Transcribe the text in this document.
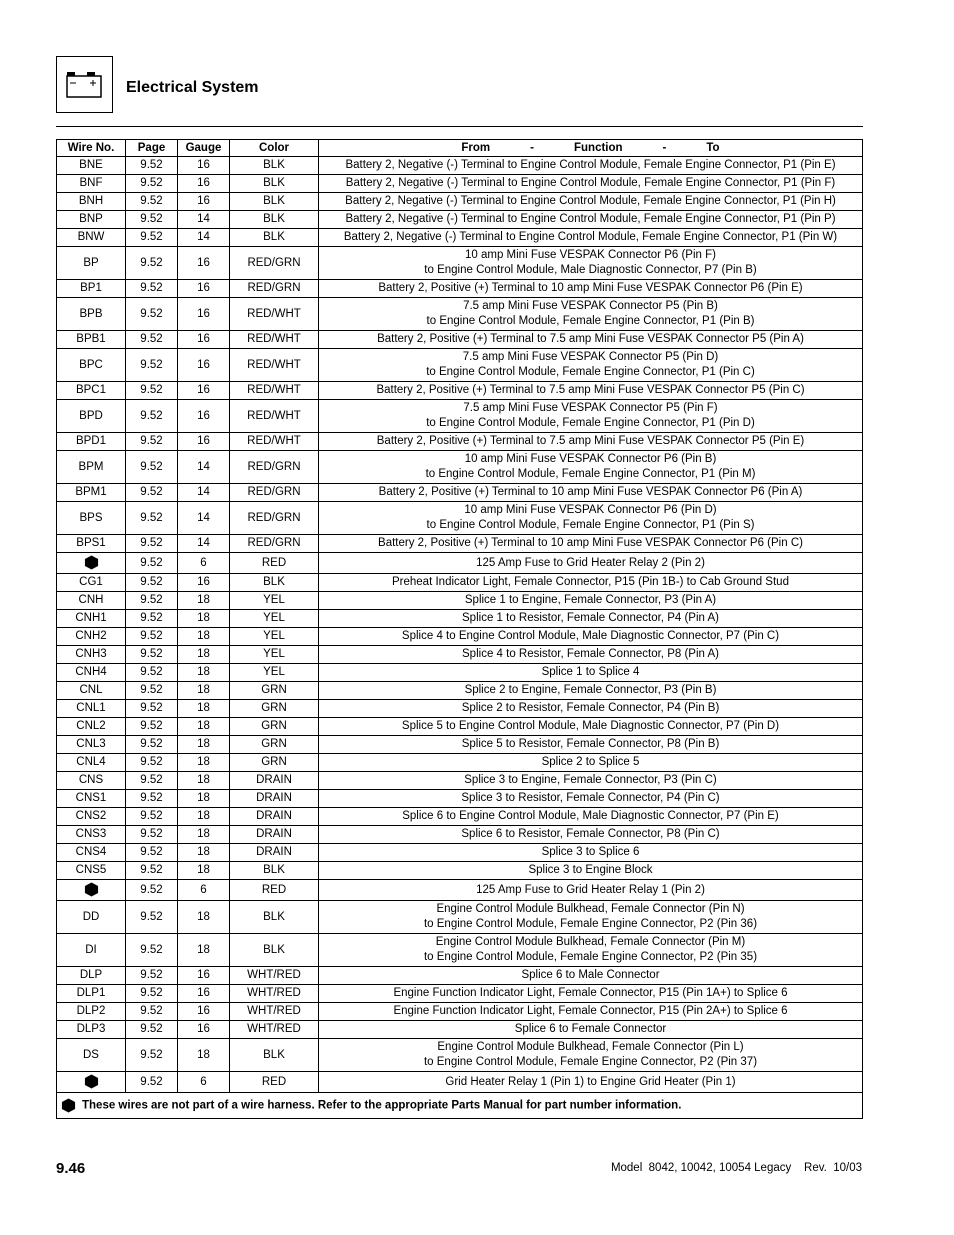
Electrical System
Wire No.	Page	Gauge	Color	From - Function - To

BNE	9.52	16	BLK	Battery 2, Negative (-) Terminal to Engine Control Module, Female Engine Connector, P1 (Pin E)

BNF	9.52	16	BLK	Battery 2, Negative (-) Terminal to Engine Control Module, Female Engine Connector, P1 (Pin F)

BNH	9.52	16	BLK	Battery 2, Negative (-) Terminal to Engine Control Module, Female Engine Connector, P1 (Pin H)

BNP	9.52	14	BLK	Battery 2, Negative (-) Terminal to Engine Control Module, Female Engine Connector, P1 (Pin P)

BNW	9.52	14	BLK	Battery 2, Negative (-) Terminal to Engine Control Module, Female Engine Connector, P1 (Pin W)

BP	9.52	16	RED/GRN	10 amp Mini Fuse VESPAK Connector P6 (Pin F)
to Engine Control Module, Male Diagnostic Connector, P7 (Pin B)

BP1	9.52	16	RED/GRN	Battery 2, Positive (+) Terminal to 10 amp Mini Fuse VESPAK Connector P6 (Pin E)

BPB	9.52	16	RED/WHT	7.5 amp Mini Fuse VESPAK Connector P5 (Pin B)
to Engine Control Module, Female Engine Connector, P1 (Pin B)

BPB1	9.52	16	RED/WHT	Battery 2, Positive (+) Terminal to 7.5 amp Mini Fuse VESPAK Connector P5 (Pin A)

BPC	9.52	16	RED/WHT	7.5 amp Mini Fuse VESPAK Connector P5 (Pin D)
to Engine Control Module, Female Engine Connector, P1 (Pin C)

BPC1	9.52	16	RED/WHT	Battery 2, Positive (+) Terminal to 7.5 amp Mini Fuse VESPAK Connector P5 (Pin C)

BPD	9.52	16	RED/WHT	7.5 amp Mini Fuse VESPAK Connector P5 (Pin F)
to Engine Control Module, Female Engine Connector, P1 (Pin D)

BPD1	9.52	16	RED/WHT	Battery 2, Positive (+) Terminal to 7.5 amp Mini Fuse VESPAK Connector P5 (Pin E)

BPM	9.52	14	RED/GRN	10 amp Mini Fuse VESPAK Connector P6 (Pin B)
to Engine Control Module, Female Engine Connector, P1 (Pin M)

BPM1	9.52	14	RED/GRN	Battery 2, Positive (+) Terminal to 10 amp Mini Fuse VESPAK Connector P6 (Pin A)

BPS	9.52	14	RED/GRN	10 amp Mini Fuse VESPAK Connector P6 (Pin D)
to Engine Control Module, Female Engine Connector, P1 (Pin S)

BPS1	9.52	14	RED/GRN	Battery 2, Positive (+) Terminal to 10 amp Mini Fuse VESPAK Connector P6 (Pin C)

	9.52	6	RED	125 Amp Fuse to Grid Heater Relay 2 (Pin 2)

CG1	9.52	16	BLK	Preheat Indicator Light, Female Connector, P15 (Pin 1B-) to Cab Ground Stud

CNH	9.52	18	YEL	Splice 1 to Engine, Female Connector, P3 (Pin A)

CNH1	9.52	18	YEL	Splice 1 to Resistor, Female Connector, P4 (Pin A)

CNH2	9.52	18	YEL	Splice 4 to Engine Control Module, Male Diagnostic Connector, P7 (Pin C)

CNH3	9.52	18	YEL	Splice 4 to Resistor, Female Connector, P8 (Pin A)

CNH4	9.52	18	YEL	Splice 1 to Splice 4

CNL	9.52	18	GRN	Splice 2 to Engine, Female Connector, P3 (Pin B)

CNL1	9.52	18	GRN	Splice 2 to Resistor, Female Connector, P4 (Pin B)

CNL2	9.52	18	GRN	Splice 5 to Engine Control Module, Male Diagnostic Connector, P7 (Pin D)

CNL3	9.52	18	GRN	Splice 5 to Resistor, Female Connector, P8 (Pin B)

CNL4	9.52	18	GRN	Splice 2 to Splice 5

CNS	9.52	18	DRAIN	Splice 3 to Engine, Female Connector, P3 (Pin C)

CNS1	9.52	18	DRAIN	Splice 3 to Resistor, Female Connector, P4 (Pin C)

CNS2	9.52	18	DRAIN	Splice 6 to Engine Control Module, Male Diagnostic Connector, P7 (Pin E)

CNS3	9.52	18	DRAIN	Splice 6 to Resistor, Female Connector, P8 (Pin C)

CNS4	9.52	18	DRAIN	Splice 3 to Splice 6

CNS5	9.52	18	BLK	Splice 3 to Engine Block

	9.52	6	RED	125 Amp Fuse to Grid Heater Relay 1 (Pin 2)

DD	9.52	18	BLK	Engine Control Module Bulkhead, Female Connector (Pin N)
to Engine Control Module, Female Engine Connector, P2 (Pin 36)

DI	9.52	18	BLK	Engine Control Module Bulkhead, Female Connector (Pin M)
to Engine Control Module, Female Engine Connector, P2 (Pin 35)

DLP	9.52	16	WHT/RED	Splice 6 to Male Connector

DLP1	9.52	16	WHT/RED	Engine Function Indicator Light, Female Connector, P15 (Pin 1A+) to Splice 6

DLP2	9.52	16	WHT/RED	Engine Function Indicator Light, Female Connector, P15 (Pin 2A+) to Splice 6

DLP3	9.52	16	WHT/RED	Splice 6 to Female Connector

DS	9.52	18	BLK	Engine Control Module Bulkhead, Female Connector (Pin L)
to Engine Control Module, Female Engine Connector, P2 (Pin 37)

	9.52	6	RED	Grid Heater Relay 1 (Pin 1) to Engine Grid Heater (Pin 1)

These wires are not part of a wire harness. Refer to the appropriate Parts Manual for part number information.				
9.46	Model  8042, 10042, 10054 Legacy    Rev.  10/03
